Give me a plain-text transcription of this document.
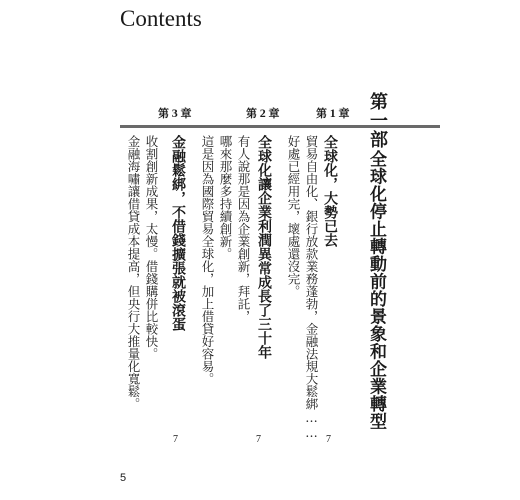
Contents
第一部
全球化停止轉動前的景象和企業轉型
第 1 章
全球化，大勢已去
貿易自由化、銀行放款業務蓬勃，金融法規大鬆綁……
好處已經用完，壞處還沒完。
7
第 2 章
全球化讓企業利潤異常成長了三十年
有人說那是因為企業創新，拜託，
哪來那麼多持續創新。
這是因為國際貿易全球化，加上借貸好容易。
7
第 3 章
金融鬆綁，不借錢擴張就被滾蛋
收割創新成果，太慢。借錢購併比較快。
金融海嘯讓借貸成本提高，但央行大推量化寬鬆。
7
5
